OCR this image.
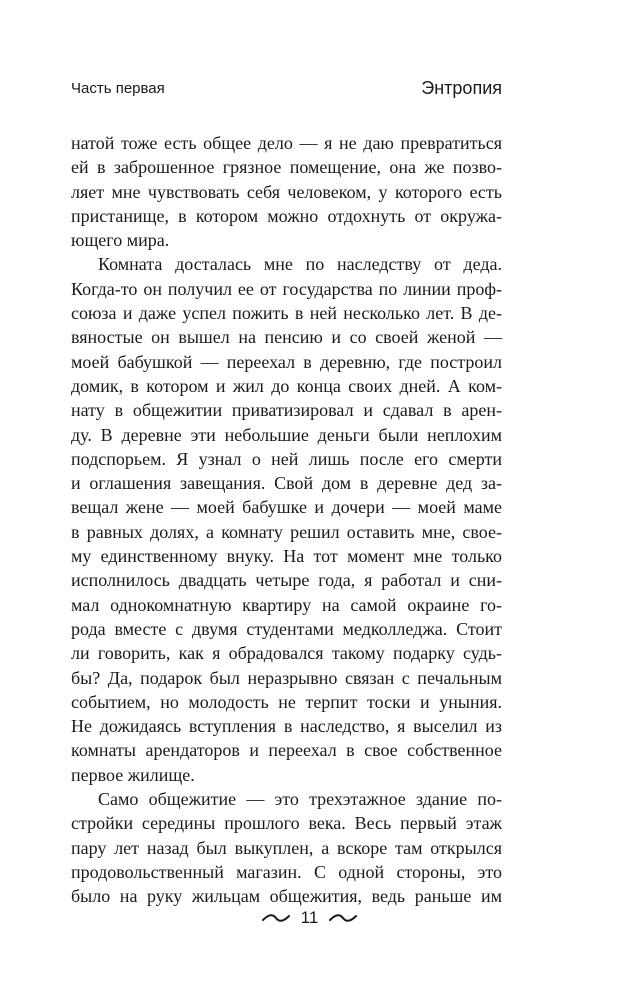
Часть первая	Энтропия

натой тоже есть общее дело — я не даю превратиться
ей в заброшенное грязное помещение, она же позво-
ляет мне чувствовать себя человеком, у которого есть
пристанище, в котором можно отдохнуть от окружа-
ющего мира.

Комната досталась мне по наследству от деда.
Когда-то он получил ее от государства по линии проф-
союза и даже успел пожить в ней несколько лет. В де-
вяностые он вышел на пенсию и со своей женой —
моей бабушкой — переехал в деревню, где построил
домик, в котором и жил до конца своих дней. А ком-
нату в общежитии приватизировал и сдавал в арен-
ду. В деревне эти небольшие деньги были неплохим
подспорьем. Я узнал о ней лишь после его смерти
и оглашения завещания. Свой дом в деревне дед за-
вещал жене — моей бабушке и дочери — моей маме
в равных долях, а комнату решил оставить мне, свое-
му единственному внуку. На тот момент мне только
исполнилось двадцать четыре года, я работал и сни-
мал однокомнатную квартиру на самой окраине го-
рода вместе с двумя студентами медколледжа. Стоит
ли говорить, как я обрадовался такому подарку судь-
бы? Да, подарок был неразрывно связан с печальным
событием, но молодость не терпит тоски и уныния.
Не дожидаясь вступления в наследство, я выселил из
комнаты арендаторов и переехал в свое собственное
первое жилище.

Само общежитие — это трехэтажное здание по-
стройки середины прошлого века. Весь первый этаж
пару лет назад был выкуплен, а вскоре там открылся
продовольственный магазин. С одной стороны, это
было на руку жильцам общежития, ведь раньше им

11
